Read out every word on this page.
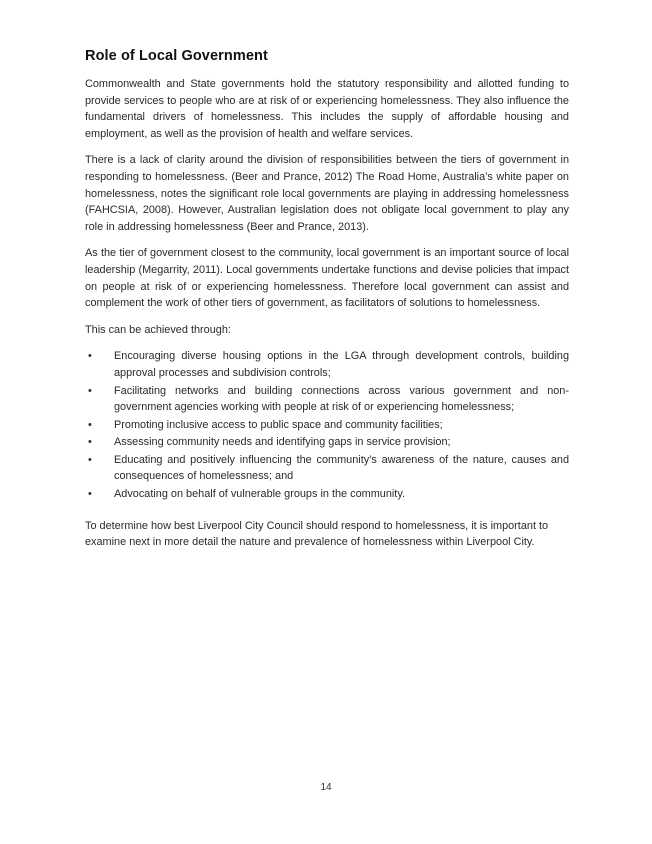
Role of Local Government

Commonwealth and State governments hold the statutory responsibility and allotted funding to provide services to people who are at risk of or experiencing homelessness. They also influence the fundamental drivers of homelessness. This includes the supply of affordable housing and employment, as well as the provision of health and welfare services.

There is a lack of clarity around the division of responsibilities between the tiers of government in responding to homelessness. (Beer and Prance, 2012) The Road Home, Australia’s white paper on homelessness, notes the significant role local governments are playing in addressing homelessness (FAHCSIA, 2008). However, Australian legislation does not obligate local government to play any role in addressing homelessness (Beer and Prance, 2013).

As the tier of government closest to the community, local government is an important source of local leadership (Megarrity, 2011). Local governments undertake functions and devise policies that impact on people at risk of or experiencing homelessness. Therefore local government can assist and complement the work of other tiers of government, as facilitators of solutions to homelessness.

This can be achieved through:

• Encouraging diverse housing options in the LGA through development controls, building approval processes and subdivision controls;
• Facilitating networks and building connections across various government and non-government agencies working with people at risk of or experiencing homelessness;
• Promoting inclusive access to public space and community facilities;
• Assessing community needs and identifying gaps in service provision;
• Educating and positively influencing the community’s awareness of the nature, causes and consequences of homelessness; and
• Advocating on behalf of vulnerable groups in the community.

To determine how best Liverpool City Council should respond to homelessness, it is important to examine next in more detail the nature and prevalence of homelessness within Liverpool City.

14
